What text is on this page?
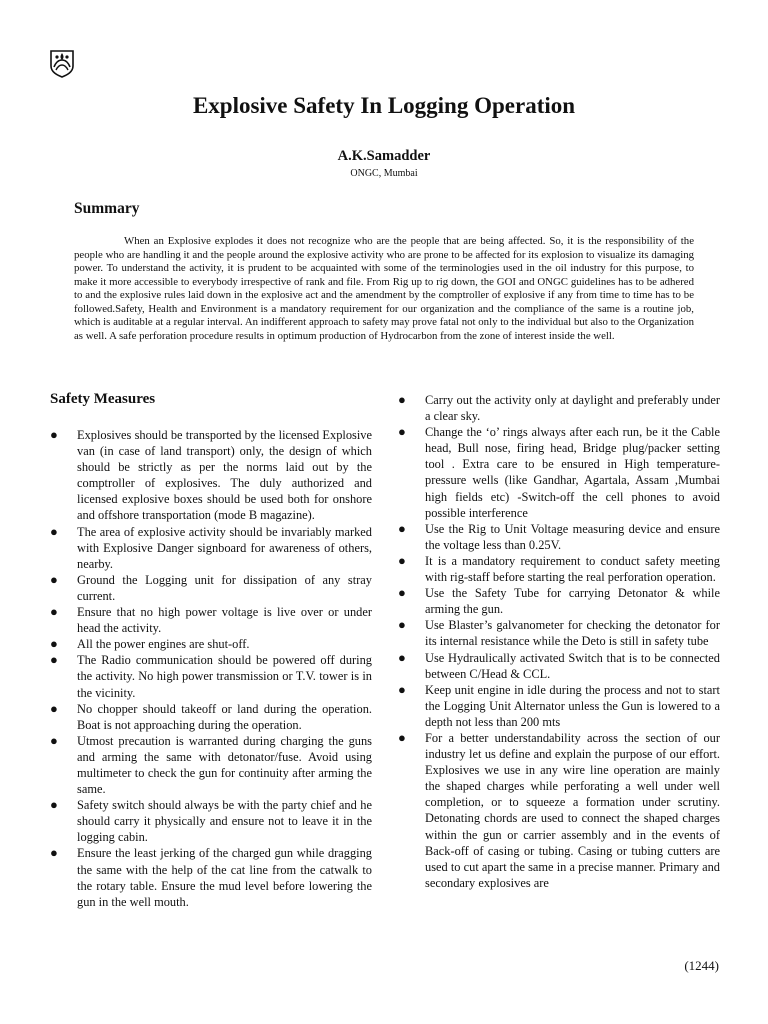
Explosive Safety In Logging Operation
A.K.Samadder
ONGC, Mumbai
Summary

When an Explosive explodes it does not recognize who are the people that are being affected. So, it is the responsibility of the people who are handling it and the people around the explosive activity who are prone to be affected for its explosion to visualize its damaging power. To understand the activity, it is prudent to be acquainted with some of the terminologies used in the oil industry for this purpose, to make it more accessible to everybody irrespective of rank and file. From Rig up to rig down, the GOI and ONGC guidelines has to be adhered to and the explosive rules laid down in the explosive act and the amendment by the comptroller of explosive if any from time to time has to be followed.Safety, Health and Environment is a mandatory requirement for our organization and the compliance of the same is a routine job, which is auditable at a regular interval. An indifferent approach to safety may prove fatal not only to the individual but also to the Organization as well. A safe perforation procedure results in optimum production of Hydrocarbon from the zone of interest inside the well.

Safety Measures
● Explosives should be transported by the licensed Explosive van (in case of land transport) only, the design of which should be strictly as per the norms laid out by the comptroller of explosives. The duly authorized and licensed explosive boxes should be used both for onshore and offshore transportation (mode B magazine).
● The area of explosive activity should be invariably marked with Explosive Danger signboard for awareness of others, nearby.
● Ground the Logging unit for dissipation of any stray current.
● Ensure that no high power voltage is live over or under head the activity.
● All the power engines are shut-off.
● The Radio communication should be powered off during the activity. No high power transmission or T.V. tower is in the vicinity.
● No chopper should takeoff or land during the operation. Boat is not approaching during the operation.
● Utmost precaution is warranted during charging the guns and arming the same with detonator/fuse. Avoid using multimeter to check the gun for continuity after arming the same.
● Safety switch should always be with the party chief and he should carry it physically and ensure not to leave it in the logging cabin.
● Ensure the least jerking of the charged gun while dragging the same with the help of the cat line from the catwalk to the rotary table. Ensure the mud level before lowering the gun in the well mouth.
● Carry out the activity only at daylight and preferably under a clear sky.
● Change the ‘o’ rings always after each run, be it the Cable head, Bull nose, firing head, Bridge plug/packer setting tool . Extra care to be ensured in High temperature-pressure wells (like Gandhar, Agartala, Assam ,Mumbai high fields etc) -Switch-off the cell phones to avoid possible interference
● Use the Rig to Unit Voltage measuring device and ensure the voltage less than 0.25V.
● It is a mandatory requirement to conduct safety meeting with rig-staff before starting the real perforation operation.
● Use the Safety Tube for carrying Detonator & while arming the gun.
● Use Blaster’s galvanometer for checking the detonator for its internal resistance while the Deto is still in safety tube
● Use Hydraulically activated Switch that is to be connected between C/Head & CCL.
● Keep unit engine in idle during the process and not to start the Logging Unit Alternator unless the Gun is lowered to a depth not less than 200 mts
● For a better understandability across the section of our industry let us define and explain the purpose of our effort. Explosives we use in any wire line operation are mainly the shaped charges while perforating a well under well completion, or to squeeze a formation under scrutiny. Detonating chords are used to connect the shaped charges within the gun or carrier assembly and in the events of Back-off of casing or tubing. Casing or tubing cutters are used to cut apart the same in a precise manner. Primary and secondary explosives are
(1244)
